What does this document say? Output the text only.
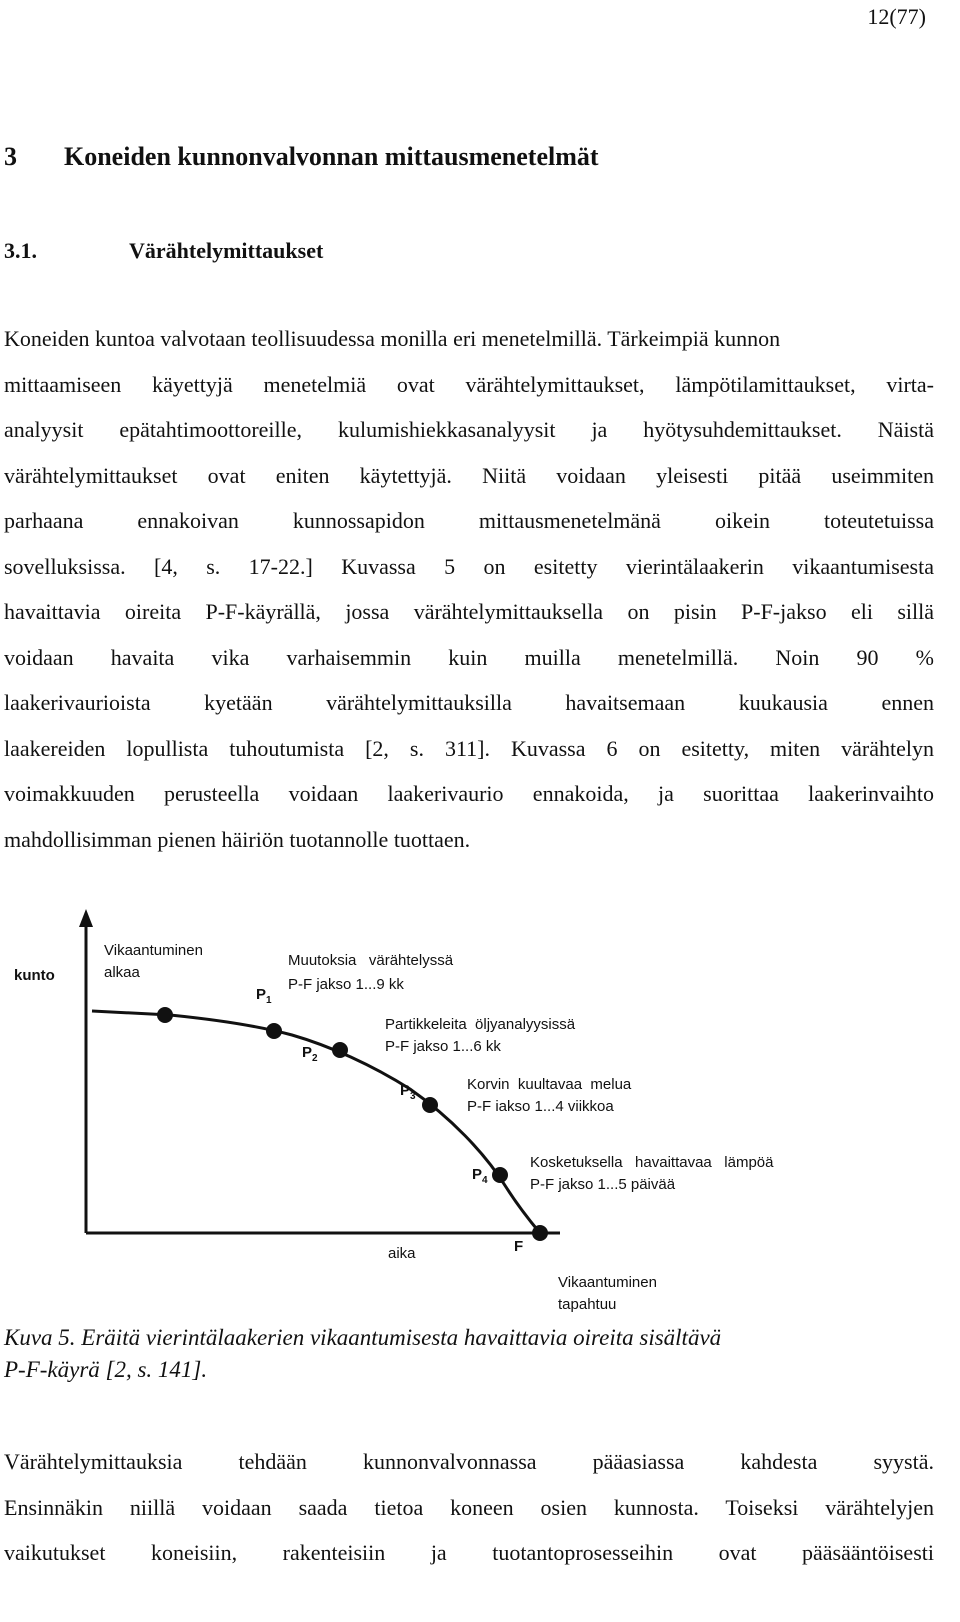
12(77)
3 Koneiden kunnonvalvonnan mittausmenetelmät
3.1.	Värähtelymittaukset
Koneiden kuntoa valvotaan teollisuudessa monilla eri menetelmillä. Tärkeimpiä kunnon
mittaamiseen käyettyjä menetelmiä ovat värähtelymittaukset, lämpötilamittaukset, virta-
analyysit epätahtimoottoreille, kulumishiekkasanalyysit ja hyötysuhdemittaukset. Näistä
värähtelymittaukset ovat eniten käytettyjä. Niitä voidaan yleisesti pitää useimmiten
parhaana ennakoivan kunnossapidon mittausmenetelmänä oikein toteutetuissa
sovelluksissa. [4, s. 17-22.] Kuvassa 5 on esitetty vierintälaakerin vikaantumisesta
havaittavia oireita P-F-käyrällä, jossa värähtelymittauksella on pisin P-F-jakso eli sillä
voidaan havaita vika varhaisemmin kuin muilla menetelmillä. Noin 90 %
laakerivaurioista kyetään värähtelymittauksilla havaitsemaan kuukausia ennen
laakereiden lopullista tuhoutumista [2, s. 311]. Kuvassa 6 on esitetty, miten värähtelyn
voimakkuuden perusteella voidaan laakerivaurio ennakoida, ja suorittaa laakerinvaihto
mahdollisimman pienen häiriön tuotannolle tuottaen.
kunto
aika
Vikaantuminen
alkaa
Vikaantuminen
tapahtuu
$P_1$
$P_2$
$P_3$
$P_4$
F
Muutoksia   värähtelyssä
P-F jakso 1...9 kk
Partikkeleita  öljyanalyysissä
P-F jakso 1...6 kk
Korvin  kuultavaa  melua
P-F iakso 1...4 viikkoa
Kosketuksella   havaittavaa   lämpöä
P-F jakso 1...5 päivää
Kuva 5. Eräitä vierintälaakerien vikaantumisesta havaittavia oireita sisältävä
P-F-käyrä [2, s. 141].
Värähtelymittauksia tehdään kunnonvalvonnassa pääasiassa kahdesta syystä.
Ensinnäkin niillä voidaan saada tietoa koneen osien kunnosta. Toiseksi värähtelyjen
vaikutukset koneisiin, rakenteisiin ja tuotantoprosesseihin ovat pääsääntöisesti
